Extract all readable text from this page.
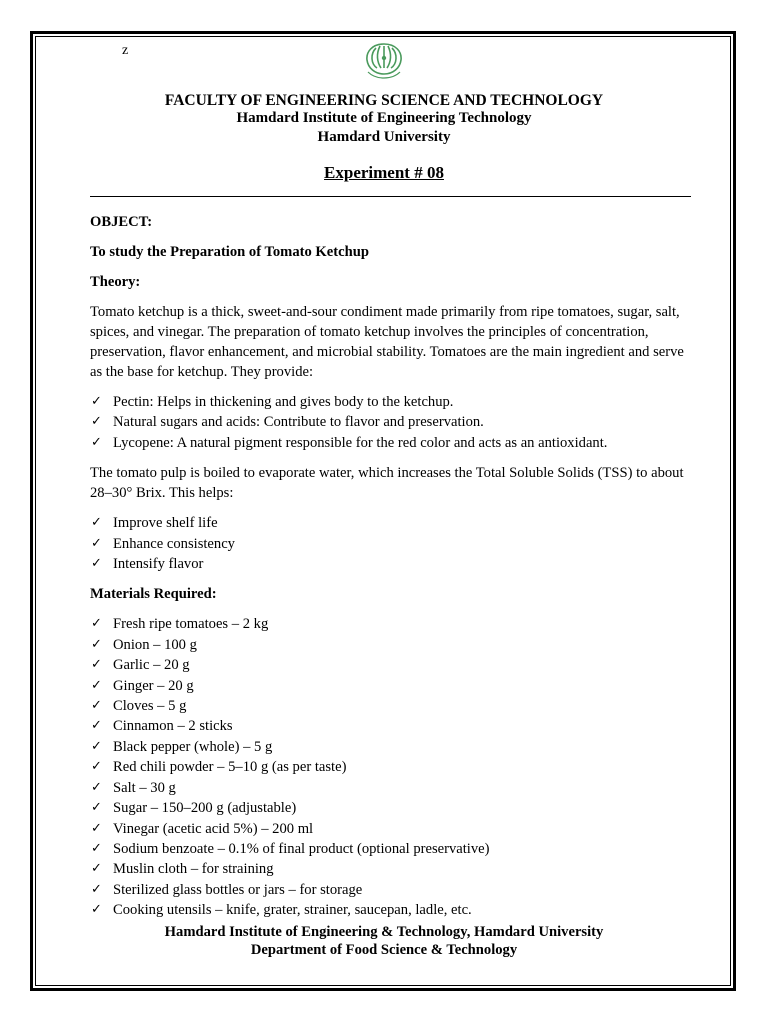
z
FACULTY OF ENGINEERING SCIENCE AND TECHNOLOGY
Hamdard Institute of Engineering Technology
Hamdard University
Experiment # 08

OBJECT:

To study the Preparation of Tomato Ketchup

Theory:

Tomato ketchup is a thick, sweet-and-sour condiment made primarily from ripe tomatoes, sugar, salt, spices, and vinegar. The preparation of tomato ketchup involves the principles of concentration, preservation, flavor enhancement, and microbial stability. Tomatoes are the main ingredient and serve as the base for ketchup. They provide:

✓ Pectin: Helps in thickening and gives body to the ketchup.
✓ Natural sugars and acids: Contribute to flavor and preservation.
✓ Lycopene: A natural pigment responsible for the red color and acts as an antioxidant.

The tomato pulp is boiled to evaporate water, which increases the Total Soluble Solids (TSS) to about 28–30° Brix. This helps:

✓ Improve shelf life
✓ Enhance consistency
✓ Intensify flavor

Materials Required:

✓ Fresh ripe tomatoes – 2 kg
✓ Onion – 100 g
✓ Garlic – 20 g
✓ Ginger – 20 g
✓ Cloves – 5 g
✓ Cinnamon – 2 sticks
✓ Black pepper (whole) – 5 g
✓ Red chili powder – 5–10 g (as per taste)
✓ Salt – 30 g
✓ Sugar – 150–200 g (adjustable)
✓ Vinegar (acetic acid 5%) – 200 ml
✓ Sodium benzoate – 0.1% of final product (optional preservative)
✓ Muslin cloth – for straining
✓ Sterilized glass bottles or jars – for storage
✓ Cooking utensils – knife, grater, strainer, saucepan, ladle, etc.
Hamdard Institute of Engineering & Technology, Hamdard University
Department of Food Science & Technology
